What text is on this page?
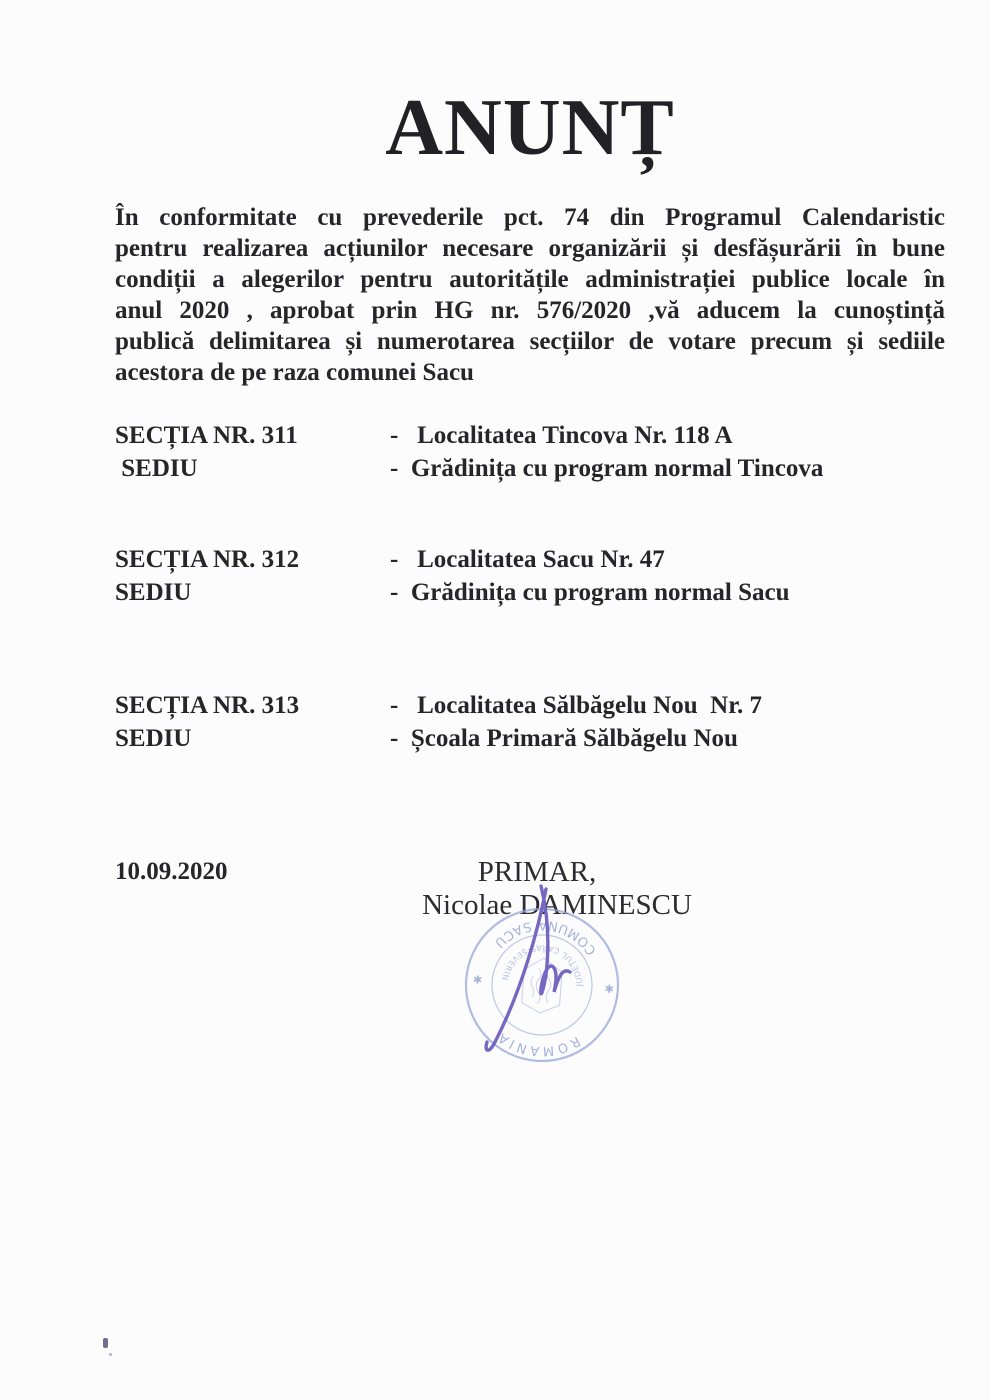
ANUNȚ
În conformitate cu prevederile pct. 74 din Programul Calendaristic
pentru realizarea acțiunilor necesare organizării și desfășurării în bune
condiții a alegerilor pentru autoritățile administrației publice locale în
anul 2020 , aprobat prin HG nr. 576/2020 ,vă aducem la cunoștință
publică delimitarea și numerotarea secțiilor de votare precum și sediile
acestora de pe raza comunei Sacu
SECȚIA NR. 311	-   Localitatea Tincova Nr. 118 A
SEDIU	-  Grădinița cu program normal Tincova
SECȚIA NR. 312	-   Localitatea Sacu Nr. 47
SEDIU	-  Grădinița cu program normal Sacu
SECȚIA NR. 313	-   Localitatea Sălbăgelu Nou  Nr. 7
SEDIU	-  Școala Primară Sălbăgelu Nou
10.09.2020	PRIMAR,
Nicolae DAMINESCU
ROMANIA
COMUNA SACU
JUDEȚUL CARAȘ-SEVERIN
✱
✱
